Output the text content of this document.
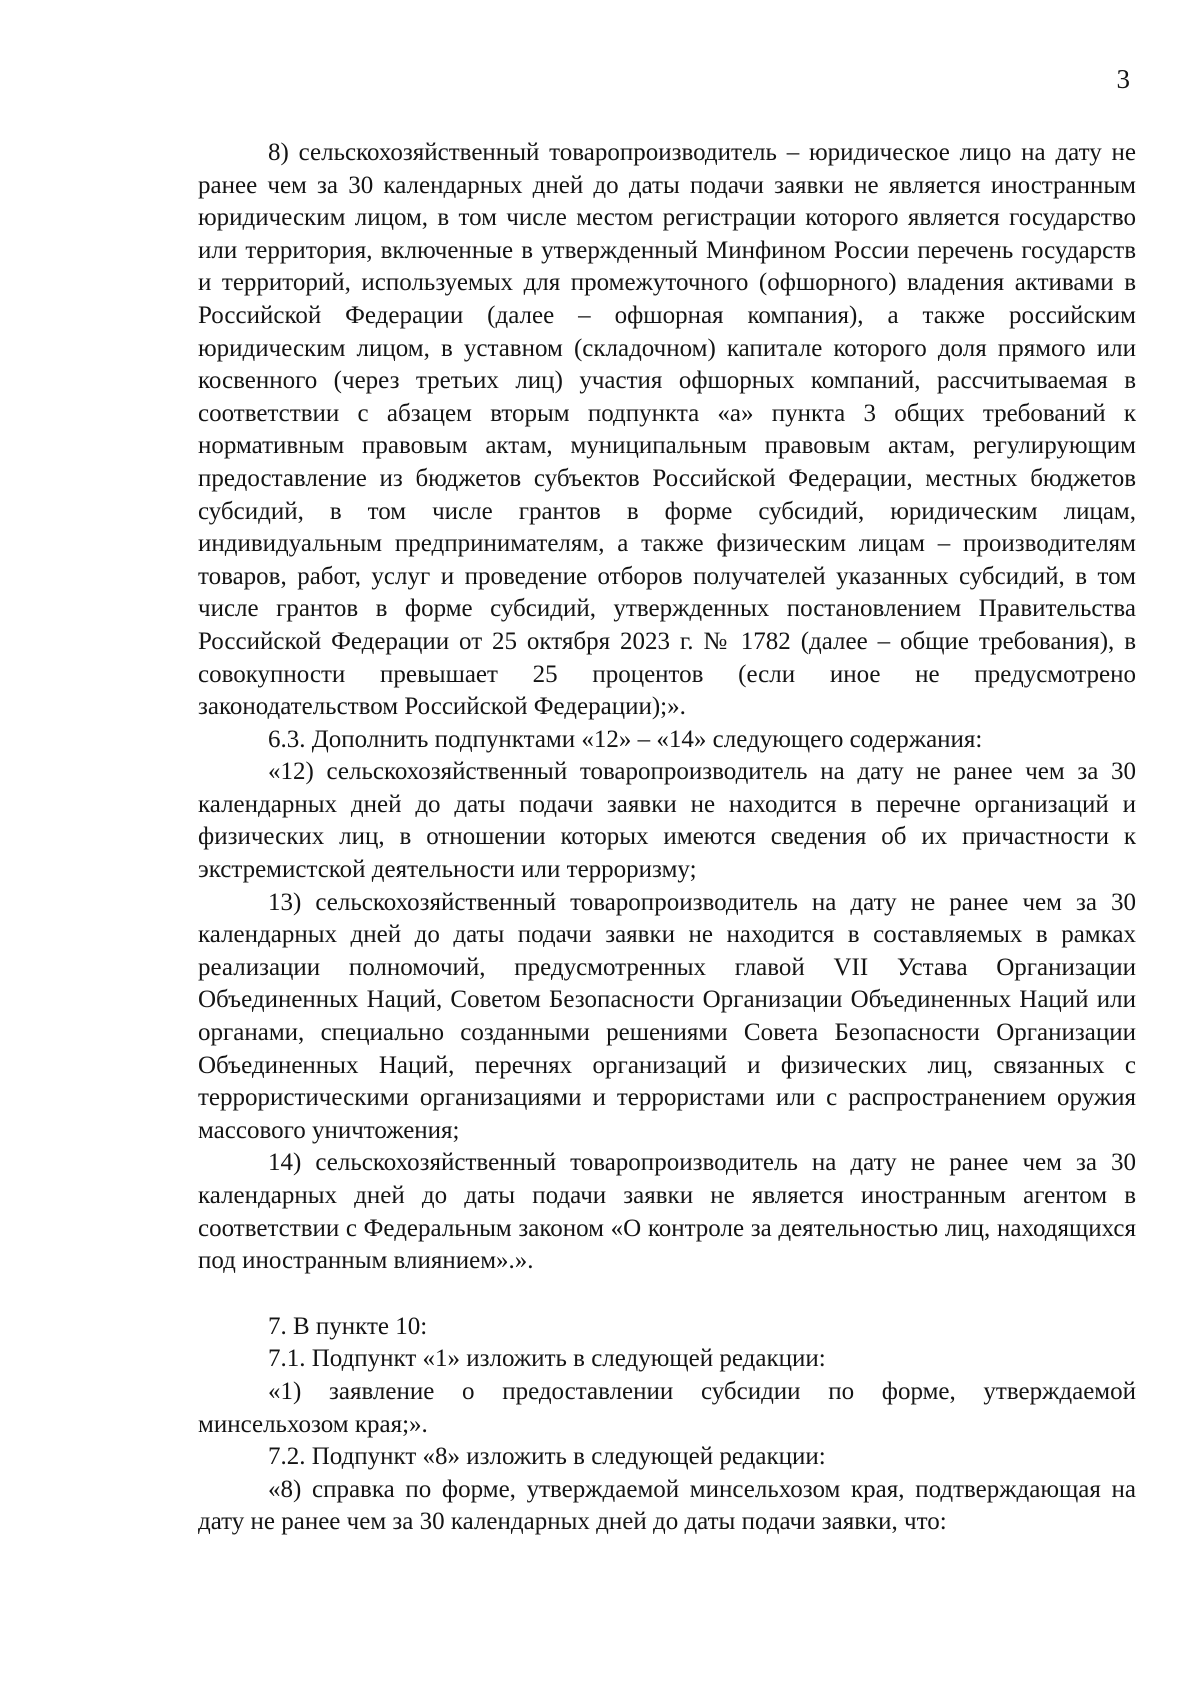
3

8) сельскохозяйственный товаропроизводитель – юридическое лицо на дату не ранее чем за 30 календарных дней до даты подачи заявки не является иностранным юридическим лицом, в том числе местом регистрации которого является государство или территория, включенные в утвержденный Минфином России перечень государств и территорий, используемых для промежуточного (офшорного) владения активами в Российской Федерации (далее – офшорная компания), а также российским юридическим лицом, в уставном (складочном) капитале которого доля прямого или косвенного (через третьих лиц) участия офшорных компаний, рассчитываемая в соответствии с абзацем вторым подпункта «а» пункта 3 общих требований к нормативным правовым актам, муниципальным правовым актам, регулирующим предоставление из бюджетов субъектов Российской Федерации, местных бюджетов субсидий, в том числе грантов в форме субсидий, юридическим лицам, индивидуальным предпринимателям, а также физическим лицам – производителям товаров, работ, услуг и проведение отборов получателей указанных субсидий, в том числе грантов в форме субсидий, утвержденных постановлением Правительства Российской Федерации от 25 октября 2023 г. № 1782 (далее – общие требования), в совокупности превышает 25 процентов (если иное не предусмотрено законодательством Российской Федерации);».

6.3. Дополнить подпунктами «12» – «14» следующего содержания:

«12) сельскохозяйственный товаропроизводитель на дату не ранее чем за 30 календарных дней до даты подачи заявки не находится в перечне организаций и физических лиц, в отношении которых имеются сведения об их причастности к экстремистской деятельности или терроризму;

13) сельскохозяйственный товаропроизводитель на дату не ранее чем за 30 календарных дней до даты подачи заявки не находится в составляемых в рамках реализации полномочий, предусмотренных главой VII Устава Организации Объединенных Наций, Советом Безопасности Организации Объединенных Наций или органами, специально созданными решениями Совета Безопасности Организации Объединенных Наций, перечнях организаций и физических лиц, связанных с террористическими организациями и террористами или с распространением оружия массового уничтожения;

14) сельскохозяйственный товаропроизводитель на дату не ранее чем за 30 календарных дней до даты подачи заявки не является иностранным агентом в соответствии с Федеральным законом «О контроле за деятельностью лиц, находящихся под иностранным влиянием».».

7. В пункте 10:

7.1. Подпункт «1» изложить в следующей редакции:

«1) заявление о предоставлении субсидии по форме, утверждаемой минсельхозом края;».

7.2. Подпункт «8» изложить в следующей редакции:

«8) справка по форме, утверждаемой минсельхозом края, подтверждающая на дату не ранее чем за 30 календарных дней до даты подачи заявки, что:
